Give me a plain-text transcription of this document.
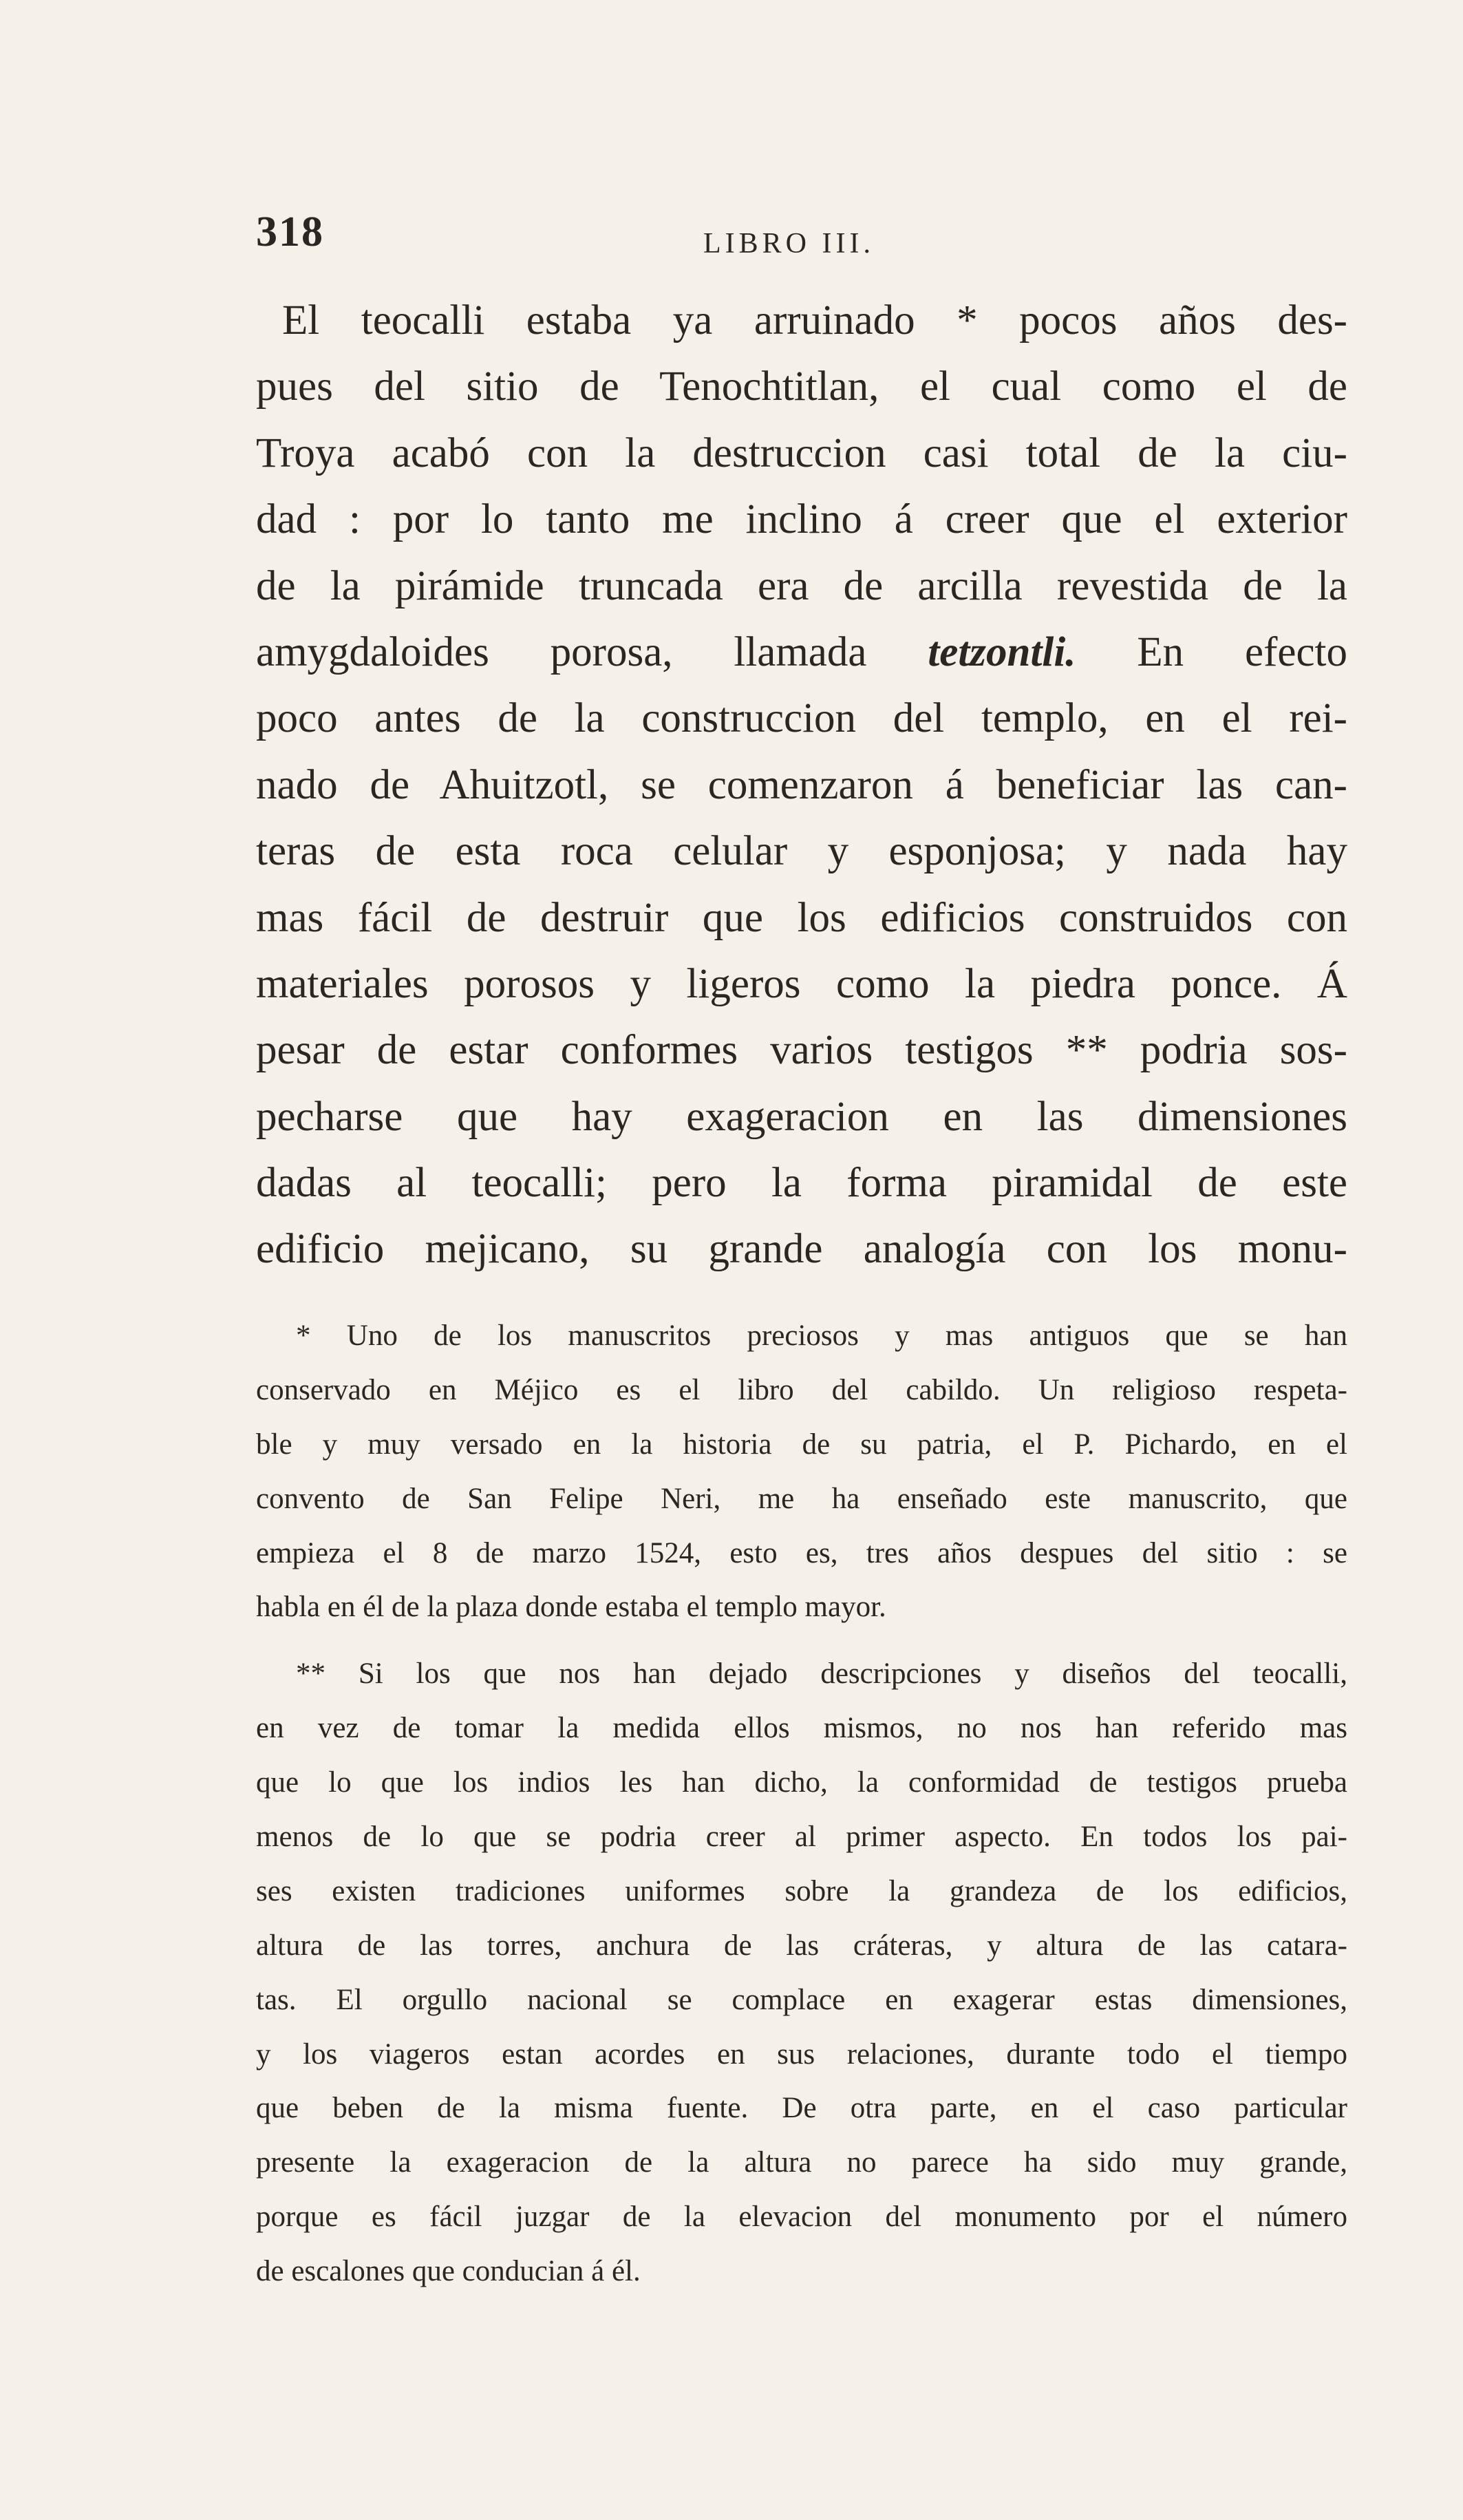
318	LIBRO III.
El teocalli estaba ya arruinado * pocos años des-
pues del sitio de Tenochtitlan, el cual como el de
Troya acabó con la destruccion casi total de la ciu-
dad : por lo tanto me inclino á creer que el exterior
de la pirámide truncada era de arcilla revestida de la
amygdaloides porosa, llamada tetzontli. En efecto
poco antes de la construccion del templo, en el rei-
nado de Ahuitzotl, se comenzaron á beneficiar las can-
teras de esta roca celular y esponjosa; y nada hay
mas fácil de destruir que los edificios construidos con
materiales porosos y ligeros como la piedra ponce. Á
pesar de estar conformes varios testigos ** podria sos-
pecharse que hay exageracion en las dimensiones
dadas al teocalli; pero la forma piramidal de este
edificio mejicano, su grande analogía con los monu-
* Uno de los manuscritos preciosos y mas antiguos que se han
conservado en Méjico es el libro del cabildo. Un religioso respeta-
ble y muy versado en la historia de su patria, el P. Pichardo, en el
convento de San Felipe Neri, me ha enseñado este manuscrito, que
empieza el 8 de marzo 1524, esto es, tres años despues del sitio : se
habla en él de la plaza donde estaba el templo mayor.
** Si los que nos han dejado descripciones y diseños del teocalli,
en vez de tomar la medida ellos mismos, no nos han referido mas
que lo que los indios les han dicho, la conformidad de testigos prueba
menos de lo que se podria creer al primer aspecto. En todos los pai-
ses existen tradiciones uniformes sobre la grandeza de los edificios,
altura de las torres, anchura de las cráteras, y altura de las catara-
tas. El orgullo nacional se complace en exagerar estas dimensiones,
y los viageros estan acordes en sus relaciones, durante todo el tiempo
que beben de la misma fuente. De otra parte, en el caso particular
presente la exageracion de la altura no parece ha sido muy grande,
porque es fácil juzgar de la elevacion del monumento por el número
de escalones que conducian á él.
